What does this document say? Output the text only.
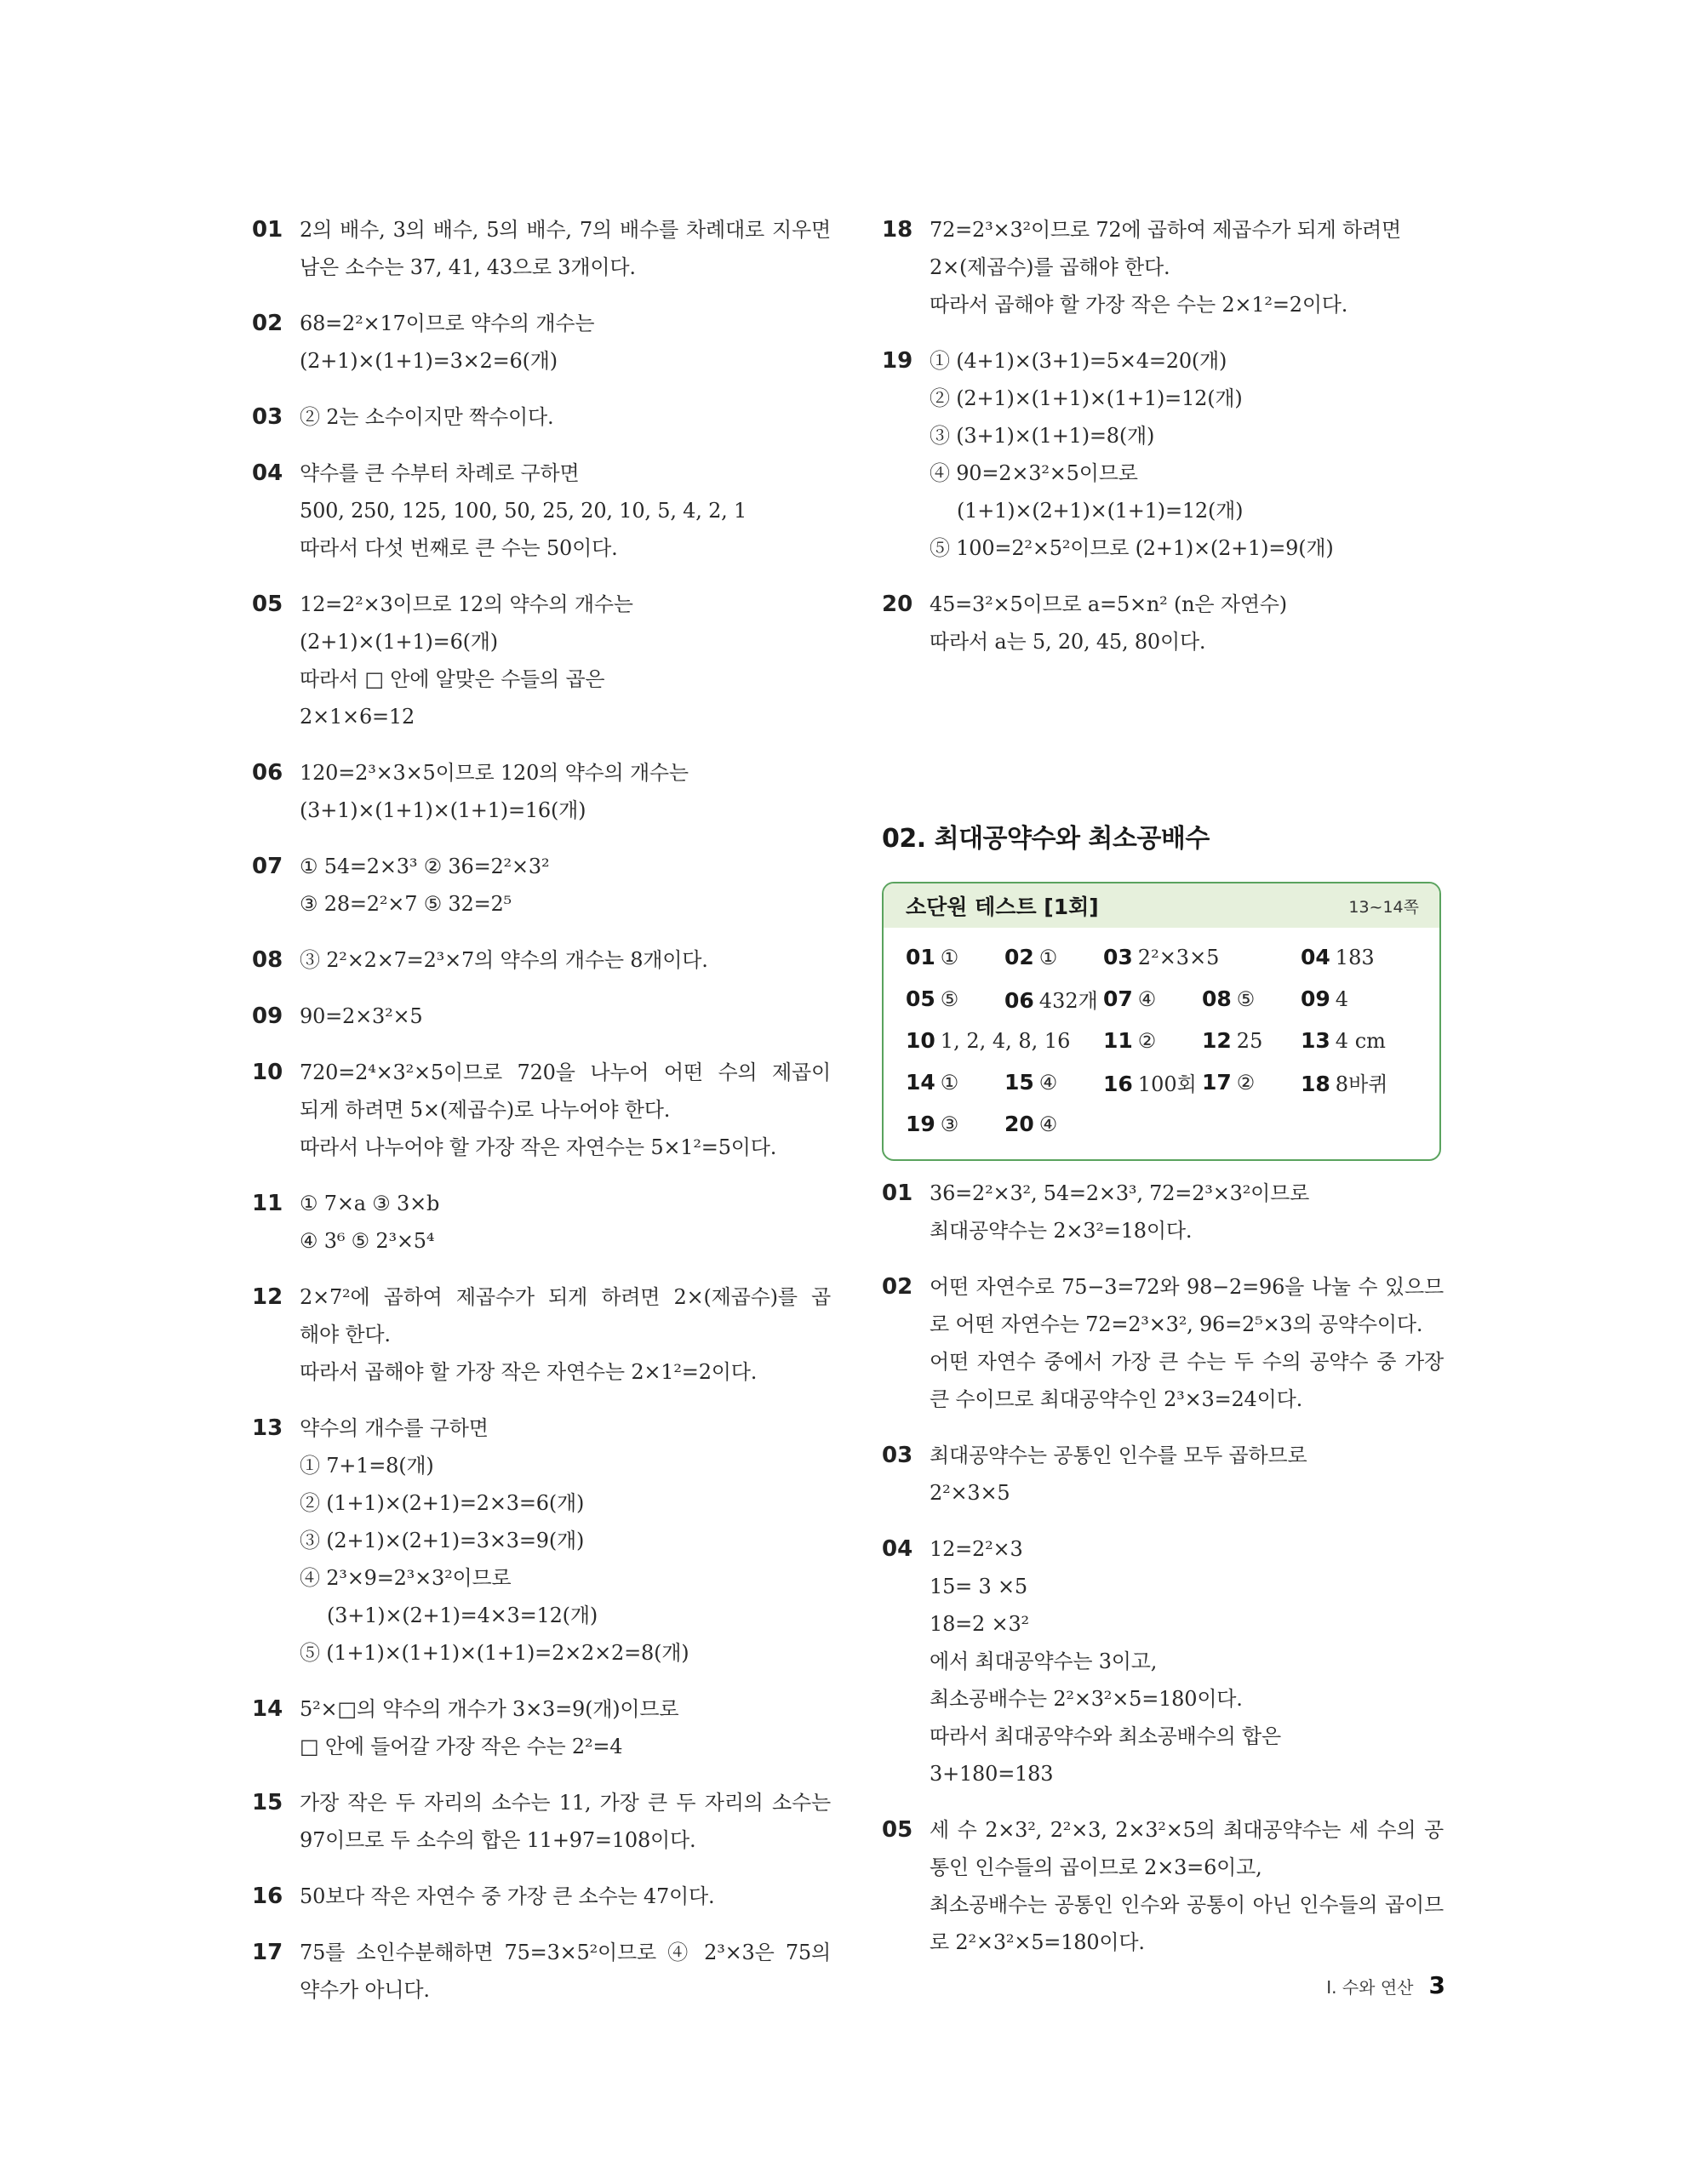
01 2의 배수, 3의 배수, 5의 배수, 7의 배수를 차례대로 지우면
남은 소수는 37, 41, 43으로 3개이다.
02 68=2²×17이므로 약수의 개수는
(2+1)×(1+1)=3×2=6(개)
03 ② 2는 소수이지만 짝수이다.
04 약수를 큰 수부터 차례로 구하면
500, 250, 125, 100, 50, 25, 20, 10, 5, 4, 2, 1
따라서 다섯 번째로 큰 수는 50이다.
05 12=2²×3이므로 12의 약수의 개수는
(2+1)×(1+1)=6(개)
따라서 □ 안에 알맞은 수들의 곱은
2×1×6=12
06 120=2³×3×5이므로 120의 약수의 개수는
(3+1)×(1+1)×(1+1)=16(개)
07 ① 54=2×3³ ② 36=2²×3²
③ 28=2²×7 ⑤ 32=2⁵
08 ③ 2²×2×7=2³×7의 약수의 개수는 8개이다.
09 90=2×3²×5
10 720=2⁴×3²×5이므로 720을 나누어 어떤 수의 제곱이
되게 하려면 5×(제곱수)로 나누어야 한다.
따라서 나누어야 할 가장 작은 자연수는 5×1²=5이다.
11 ① 7×a ③ 3×b
④ 3⁶ ⑤ 2³×5⁴
12 2×7²에 곱하여 제곱수가 되게 하려면 2×(제곱수)를 곱
해야 한다.
따라서 곱해야 할 가장 작은 자연수는 2×1²=2이다.
13 약수의 개수를 구하면
① 7+1=8(개)
② (1+1)×(2+1)=2×3=6(개)
③ (2+1)×(2+1)=3×3=9(개)
④ 2³×9=2³×3²이므로
(3+1)×(2+1)=4×3=12(개)
⑤ (1+1)×(1+1)×(1+1)=2×2×2=8(개)
14 5²×□의 약수의 개수가 3×3=9(개)이므로
□ 안에 들어갈 가장 작은 수는 2²=4
15 가장 작은 두 자리의 소수는 11, 가장 큰 두 자리의 소수는
97이므로 두 소수의 합은 11+97=108이다.
16 50보다 작은 자연수 중 가장 큰 소수는 47이다.
17 75를 소인수분해하면 75=3×5²이므로 ④ 2³×3은 75의
약수가 아니다.
18 72=2³×3²이므로 72에 곱하여 제곱수가 되게 하려면
2×(제곱수)를 곱해야 한다.
따라서 곱해야 할 가장 작은 수는 2×1²=2이다.
19 ① (4+1)×(3+1)=5×4=20(개)
② (2+1)×(1+1)×(1+1)=12(개)
③ (3+1)×(1+1)=8(개)
④ 90=2×3²×5이므로
(1+1)×(2+1)×(1+1)=12(개)
⑤ 100=2²×5²이므로 (2+1)×(2+1)=9(개)
20 45=3²×5이므로 a=5×n² (n은 자연수)
따라서 a는 5, 20, 45, 80이다.
02. 최대공약수와 최소공배수
소단원 테스트 [1회]	13~14쪽
01 ① 02 ① 03 2²×3×5	04 183
05 ⑤ 06 432개 07 ④ 08 ⑤ 09 4
10 1, 2, 4, 8, 16 11 ② 12 25 13 4 cm
14 ① 15 ④ 16 100회 17 ② 18 8바퀴
19 ③ 20 ④
01 36=2²×3², 54=2×3³, 72=2³×3²이므로
최대공약수는 2×3²=18이다.
02 어떤 자연수로 75−3=72와 98−2=96을 나눌 수 있으므
로 어떤 자연수는 72=2³×3², 96=2⁵×3의 공약수이다.
어떤 자연수 중에서 가장 큰 수는 두 수의 공약수 중 가장
큰 수이므로 최대공약수인 2³×3=24이다.
03 최대공약수는 공통인 인수를 모두 곱하므로
2²×3×5
04 12=2²×3
15= 3 ×5
18=2 ×3²
에서 최대공약수는 3이고,
최소공배수는 2²×3²×5=180이다.
따라서 최대공약수와 최소공배수의 합은
3+180=183
05 세 수 2×3², 2²×3, 2×3²×5의 최대공약수는 세 수의 공
통인 인수들의 곱이므로 2×3=6이고,
최소공배수는 공통인 인수와 공통이 아닌 인수들의 곱이므
로 2²×3²×5=180이다.
I. 수와 연산 3
